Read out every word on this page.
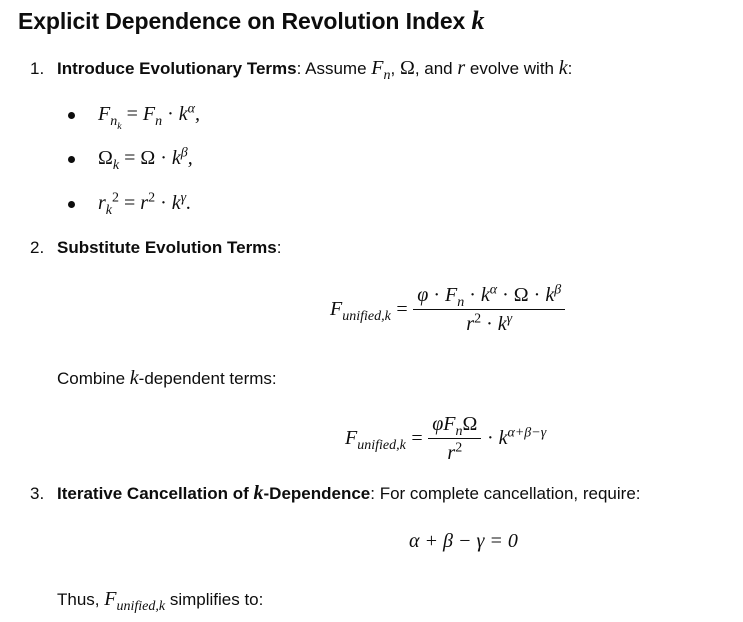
Explicit Dependence on Revolution Index k
1. Introduce Evolutionary Terms: Assume $F_n$, Ω, and r evolve with k:
$F_{n_k} = F_n \cdot k^\alpha$,
$\Omega_k = \Omega \cdot k^\beta$,
$r_k^2 = r^2 \cdot k^\gamma$.
2. Substitute Evolution Terms:
$F_{unified,k} = \frac{\varphi \cdot F_n \cdot k^\alpha \cdot \Omega \cdot k^\beta}{r^2 \cdot k^\gamma}$
Combine k-dependent terms:
$F_{unified,k} = \frac{\varphi F_n\Omega}{r^2} \cdot k^{\alpha+\beta-\gamma}$
3. Iterative Cancellation of k-Dependence: For complete cancellation, require:
α + β − γ = 0
Thus, $F_{unified,k}$ simplifies to:
